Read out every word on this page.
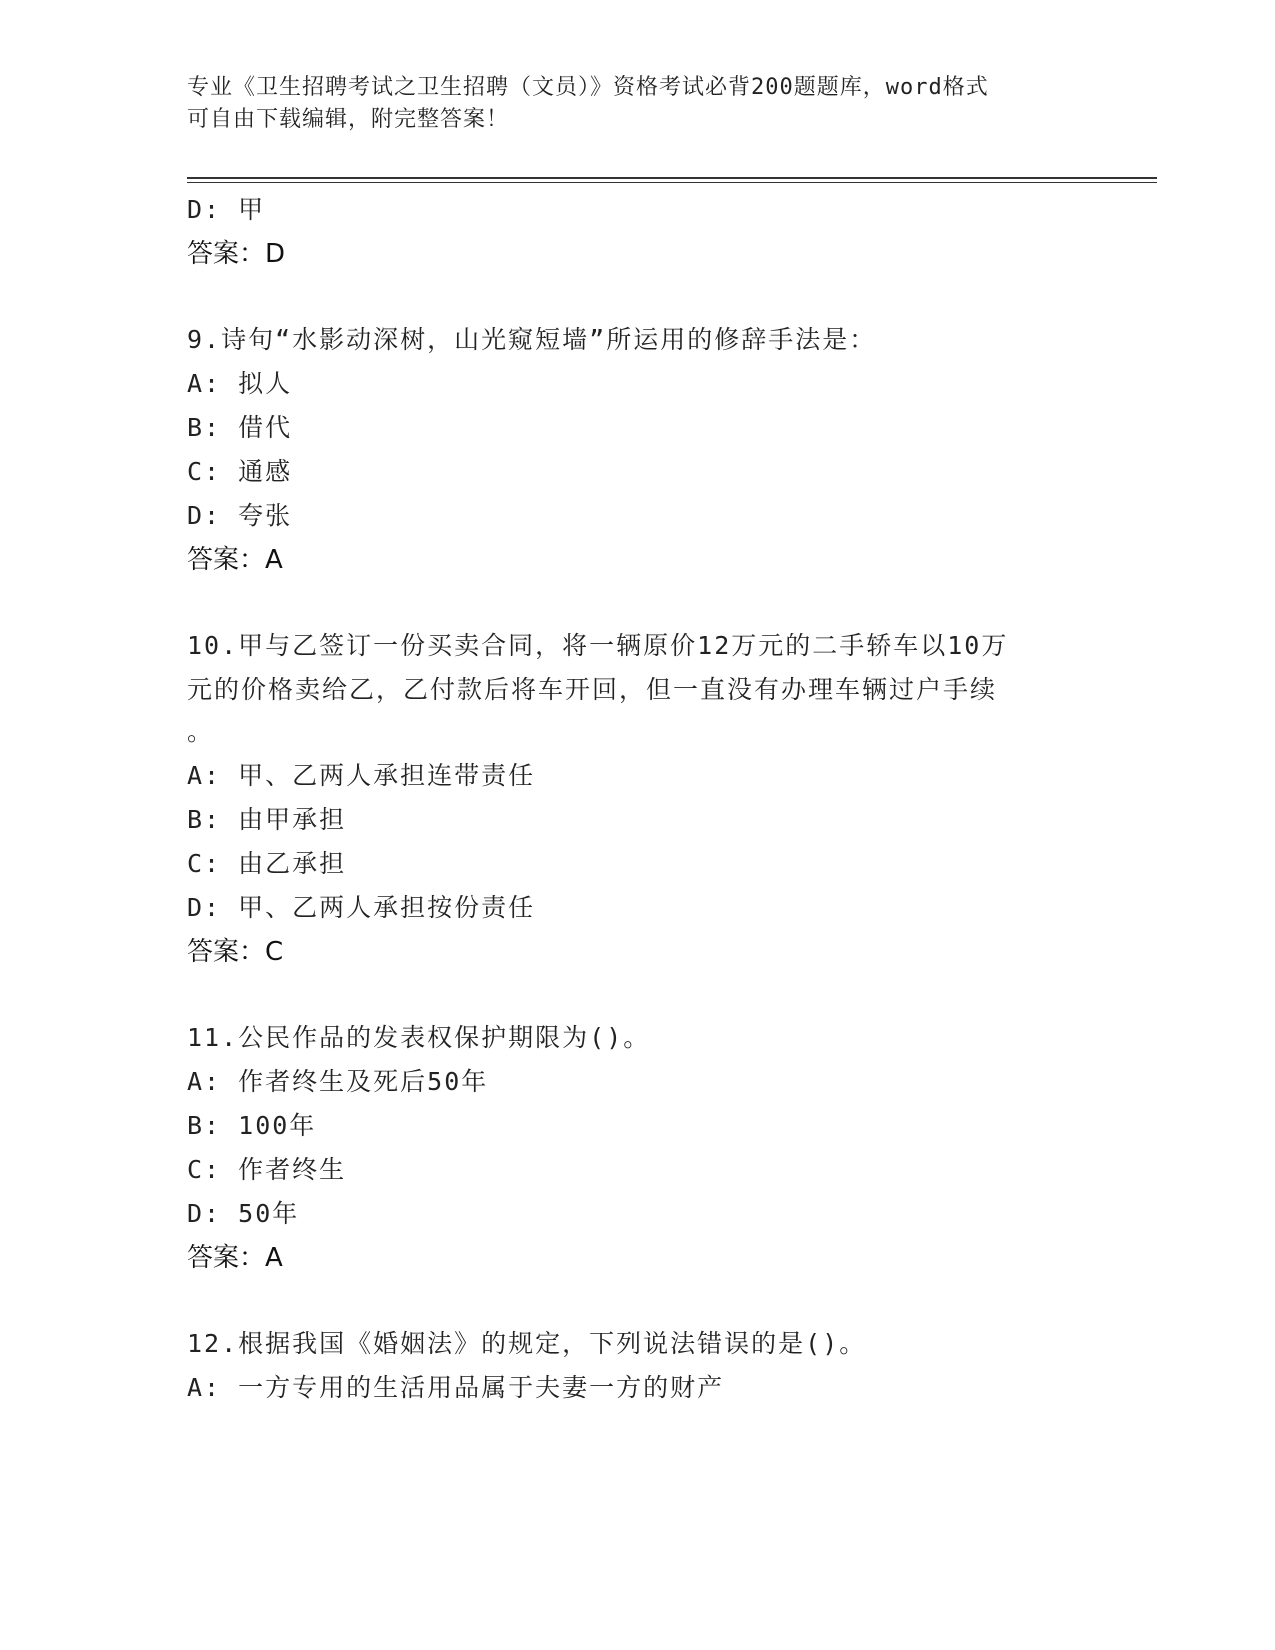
专业《卫生招聘考试之卫生招聘（文员）》资格考试必背200题题库，word格式
可自由下载编辑，附完整答案！
D: 甲
答案：D
9.诗句“水影动深树，山光窥短墙”所运用的修辞手法是：
A: 拟人
B: 借代
C: 通感
D: 夸张
答案：A
10.甲与乙签订一份买卖合同，将一辆原价12万元的二手轿车以10万
元的价格卖给乙，乙付款后将车开回，但一直没有办理车辆过户手续
。
A: 甲、乙两人承担连带责任
B: 由甲承担
C: 由乙承担
D: 甲、乙两人承担按份责任
答案：C
11.公民作品的发表权保护期限为()。
A: 作者终生及死后50年
B: 100年
C: 作者终生
D: 50年
答案：A
12.根据我国《婚姻法》的规定，下列说法错误的是()。
A: 一方专用的生活用品属于夫妻一方的财产
